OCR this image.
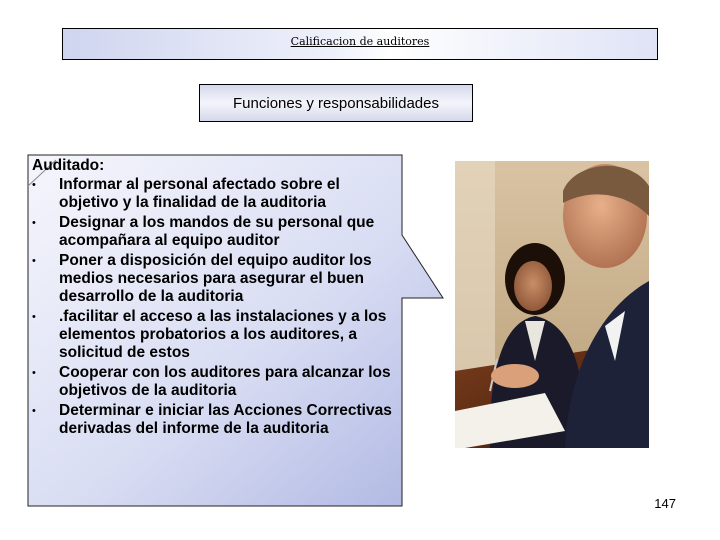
Calificacion de auditores
Funciones y responsabilidades
Auditado:
• Informar al personal afectado sobre el objetivo y la finalidad de la auditoria
• Designar a los mandos de su personal que acompañara al equipo auditor
• Poner a disposición del equipo auditor los medios necesarios para asegurar el buen desarrollo de la auditoria
• .facilitar el acceso a las instalaciones y a los elementos probatorios a los auditores, a solicitud de estos
• Cooperar con los auditores para alcanzar los objetivos de la auditoria
• Determinar e iniciar las Acciones Correctivas derivadas del informe de la auditoria
147
